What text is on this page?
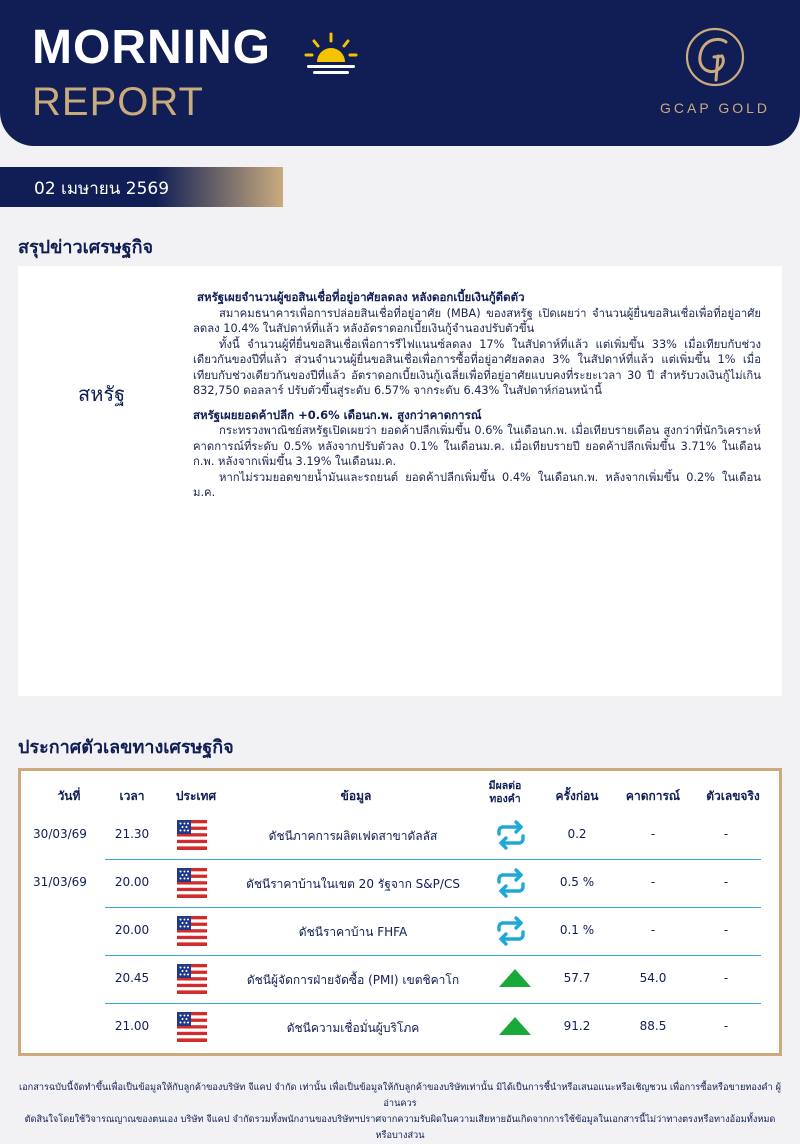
MORNING
REPORT	GCAP GOLD
02 เมษายน 2569
สรุปข่าวเศรษฐกิจ
สหรัฐ
สหรัฐเผยจำนวนผู้ขอสินเชื่อที่อยู่อาศัยลดลง หลังดอกเบี้ยเงินกู้ดีดตัว
สมาคมธนาคารเพื่อการปล่อยสินเชื่อที่อยู่อาศัย (MBA) ของสหรัฐ เปิดเผยว่า จำนวนผู้ยื่นขอสินเชื่อเพื่อที่อยู่อาศัยลดลง 10.4% ในสัปดาห์ที่แล้ว หลังอัตราดอกเบี้ยเงินกู้จำนองปรับตัวขึ้น
ทั้งนี้ จำนวนผู้ที่ยื่นขอสินเชื่อเพื่อการรีไฟแนนซ์ลดลง 17% ในสัปดาห์ที่แล้ว แต่เพิ่มขึ้น 33% เมื่อเทียบกับช่วงเดียวกันของปีที่แล้ว ส่วนจำนวนผู้ยื่นขอสินเชื่อเพื่อการซื้อที่อยู่อาศัยลดลง 3% ในสัปดาห์ที่แล้ว แต่เพิ่มขึ้น 1% เมื่อเทียบกับช่วงเดียวกันของปีที่แล้ว อัตราดอกเบี้ยเงินกู้เฉลี่ยเพื่อที่อยู่อาศัยแบบคงที่ระยะเวลา 30 ปี สำหรับวงเงินกู้ไม่เกิน 832,750 ดอลลาร์ ปรับตัวขึ้นสู่ระดับ 6.57% จากระดับ 6.43% ในสัปดาห์ก่อนหน้านี้
สหรัฐเผยยอดค้าปลีก +0.6% เดือนก.พ. สูงกว่าคาดการณ์
กระทรวงพาณิชย์สหรัฐเปิดเผยว่า ยอดค้าปลีกเพิ่มขึ้น 0.6% ในเดือนก.พ. เมื่อเทียบรายเดือน สูงกว่าที่นักวิเคราะห์คาดการณ์ที่ระดับ 0.5% หลังจากปรับตัวลง 0.1% ในเดือนม.ค. เมื่อเทียบรายปี ยอดค้าปลีกเพิ่มขึ้น 3.71% ในเดือนก.พ. หลังจากเพิ่มขึ้น 3.19% ในเดือนม.ค.
หากไม่รวมยอดขายน้ำมันและรถยนต์ ยอดค้าปลีกเพิ่มขึ้น 0.4% ในเดือนก.พ. หลังจากเพิ่มขึ้น 0.2% ในเดือนม.ค.
ประกาศตัวเลขทางเศรษฐกิจ
วันที่	เวลา	ประเทศ	ข้อมูล
มีผลต่อ
ทองคำ	ครั้งก่อน	คาดการณ์	ตัวเลขจริง
30/03/69	21.30	ดัชนีภาคการผลิตเฟดสาขาดัลลัส	0.2	-	-
31/03/69	20.00	ดัชนีราคาบ้านในเขต 20 รัฐจาก S&P/CS	0.5 %	-	-
20.00	ดัชนีราคาบ้าน FHFA	0.1 %	-	-
20.45	ดัชนีผู้จัดการฝ่ายจัดซื้อ (PMI) เขตชิคาโก	57.7	54.0	-
21.00	ดัชนีความเชื่อมั่นผู้บริโภค	91.2	88.5	-
เอกสารฉบับนี้จัดทำขึ้นเพื่อเป็นข้อมูลให้กับลูกค้าของบริษัท จีแคป จำกัด เท่านั้น เพื่อเป็นข้อมูลให้กับลูกค้าของบริษัทเท่านั้น มิได้เป็นการชี้นำหรือเสนอแนะหรือเชิญชวน เพื่อการซื้อหรือขายทองคำ ผู้อ่านควร
ตัดสินใจโดยใช้วิจารณญาณของตนเอง บริษัท จีแคป จำกัดรวมทั้งพนักงานของบริษัทฯปราศจากความรับผิดในความเสียหายอันเกิดจากการใช้ข้อมูลในเอกสารนี้ไม่ว่าทางตรงหรือทางอ้อมทั้งหมด หรือบางส่วน
